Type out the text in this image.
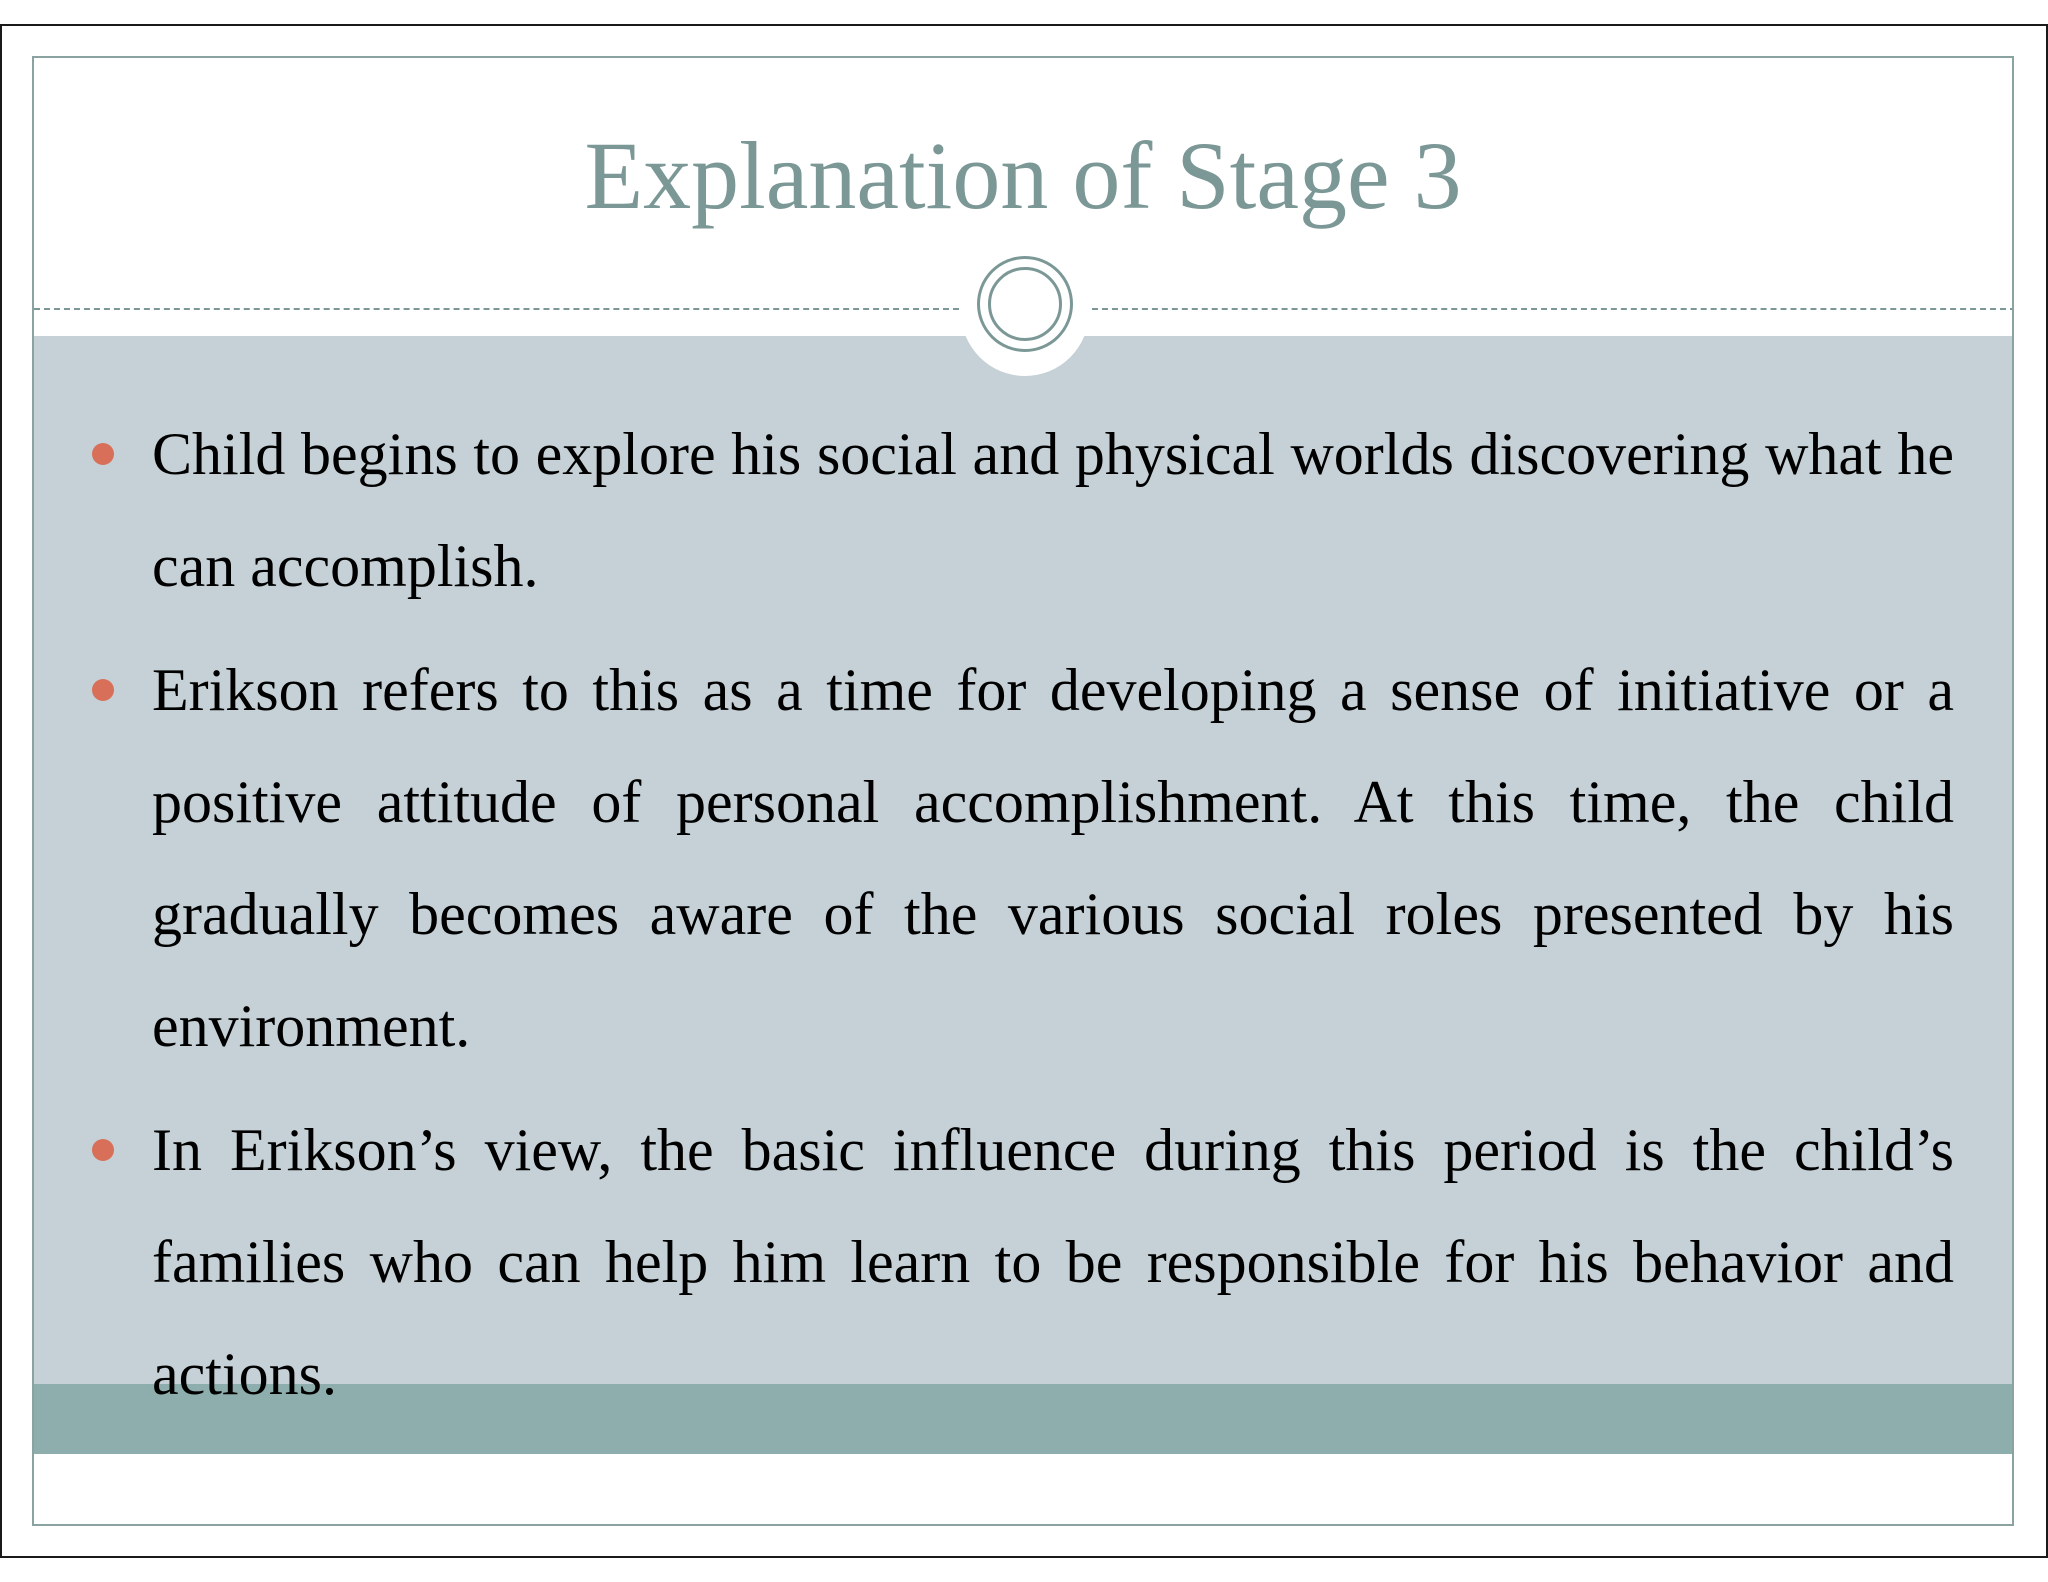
Explanation of Stage 3
Child begins to explore his social and physical worlds discovering what he can accomplish.
Erikson refers to this as a time for developing a sense of initiative or a positive attitude of personal accomplishment. At this time, the child gradually becomes aware of the various social roles presented by his environment.
In Erikson’s view, the basic influence during this period is the child’s families who can help him learn to be responsible for his behavior and actions.
